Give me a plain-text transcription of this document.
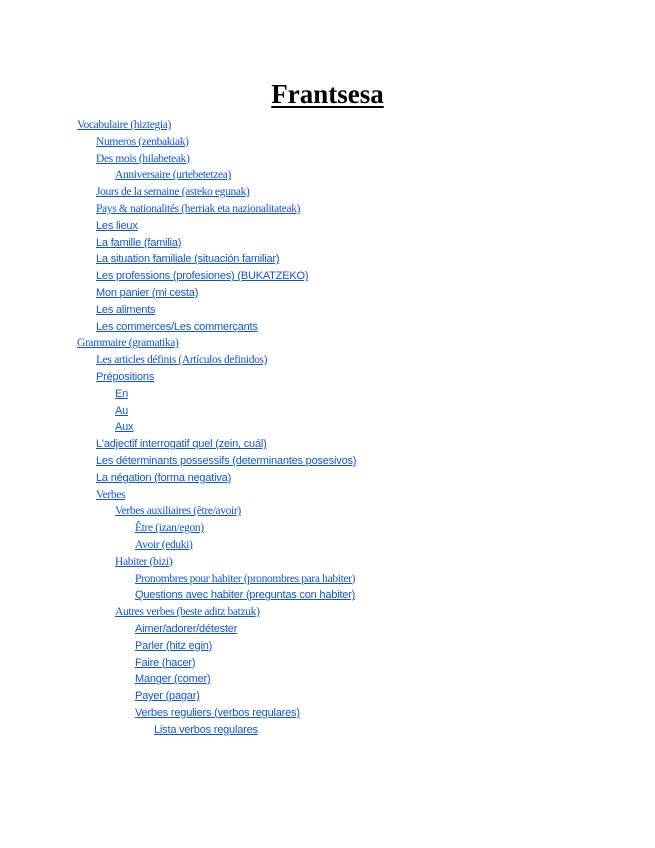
Frantsesa
Vocabulaire (hiztegia)
Numeros (zenbakiak)
Des mois (hilabeteak)
Anniversaire (urtebetetzea)
Jours de la semaine (asteko egunak)
Pays & nationalités (herriak eta nazionalitateak)
Les lieux
La famille (familia)
La situation familiale (situación familiar)
Les professions (profesiones) (BUKATZEKO)
Mon panier (mi cesta)
Les aliments
Les commerces/Les commerçants
Grammaire (gramatika)
Les articles définis (Artículos definidos)
Prépositions
En
Au
Aux
L'adjectif interrogatif quel (zein, cuál)
Les déterminants possessifs (determinantes posesivos)
La négation (forma negativa)
Verbes
Verbes auxiliaires (être/avoir)
Être (izan/egon)
Avoir (eduki)
Habiter (bizi)
Pronombres pour habiter (pronombres para habiter)
Questions avec habiter (preguntas con habiter)
Autres verbes (beste aditz batzuk)
Aimer/adorer/détester
Parler (hitz egin)
Faire (hacer)
Manger (comer)
Payer (pagar)
Verbes reguliers (verbos regulares)
Lista verbos regulares
